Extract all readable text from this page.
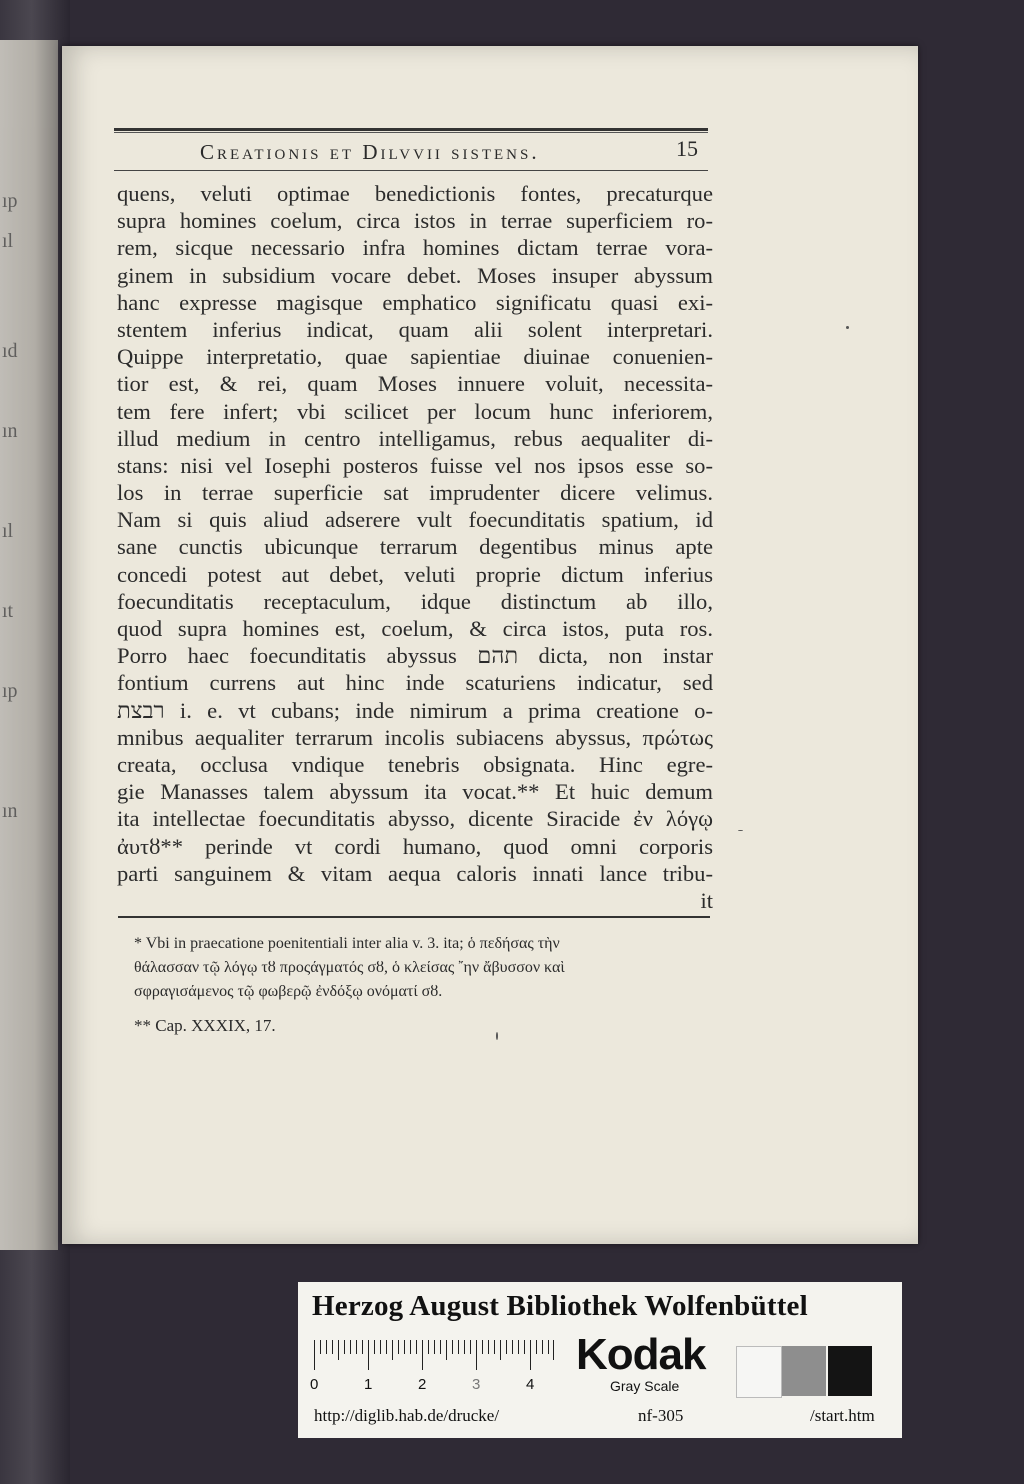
ıp
ıl
ıd
ın
ıl
ıt
ıp
ın
Creationis et Dilvvii sistens.	15
quens, veluti optimae benedictionis fontes, precaturque
supra homines coelum, circa istos in terrae superficiem ro-
rem, sicque necessario infra homines dictam terrae vora-
ginem in subsidium vocare debet. Moses insuper abyssum
hanc expresse magisque emphatico significatu quasi exi-
stentem inferius indicat, quam alii solent interpretari.
Quippe interpretatio, quae sapientiae diuinae conuenien-
tior est, & rei, quam Moses innuere voluit, necessita-
tem fere infert; vbi scilicet per locum hunc inferiorem,
illud medium in centro intelligamus, rebus aequaliter di-
stans: nisi vel Iosephi posteros fuisse vel nos ipsos esse so-
los in terrae superficie sat imprudenter dicere velimus.
Nam si quis aliud adserere vult foecunditatis spatium, id
sane cunctis ubicunque terrarum degentibus minus apte
concedi potest aut debet, veluti proprie dictum inferius
foecunditatis receptaculum, idque distinctum ab illo,
quod supra homines est, coelum, & circa istos, puta ros.
Porro haec foecunditatis abyssus תהם dicta, non instar
fontium currens aut hinc inde scaturiens indicatur, sed
רבצת i. e. vt cubans; inde nimirum a prima creatione o-
mnibus aequaliter terrarum incolis subiacens abyssus, πρώτως
creata, occlusa vndique tenebris obsignata. Hinc egre-
gie Manasses talem abyssum ita vocat.** Et huic demum
ita intellectae foecunditatis abysso, dicente Siracide ἐν λόγῳ
ἀυτȣ** perinde vt cordi humano, quod omni corporis
parti sanguinem & vitam aequa caloris innati lance tribu-
it
* Vbi in praecatione poenitentiali inter alia v. 3. ita; ὁ πεδήσας τὴν
θάλασσαν τῷ λόγῳ τȣ προςάγματός σȣ, ὁ κλείσας ῎ην ἄβυσσον καὶ
σφραγισάμενος τῷ φωβερῷ ἐνδόξῳ ονόματί σȣ.
** Cap. XXXIX, 17.
Herzog August Bibliothek Wolfenbüttel
0	1	2	3	4
Kodak
Gray Scale
http://diglib.hab.de/drucke/	nf-305	/start.htm
